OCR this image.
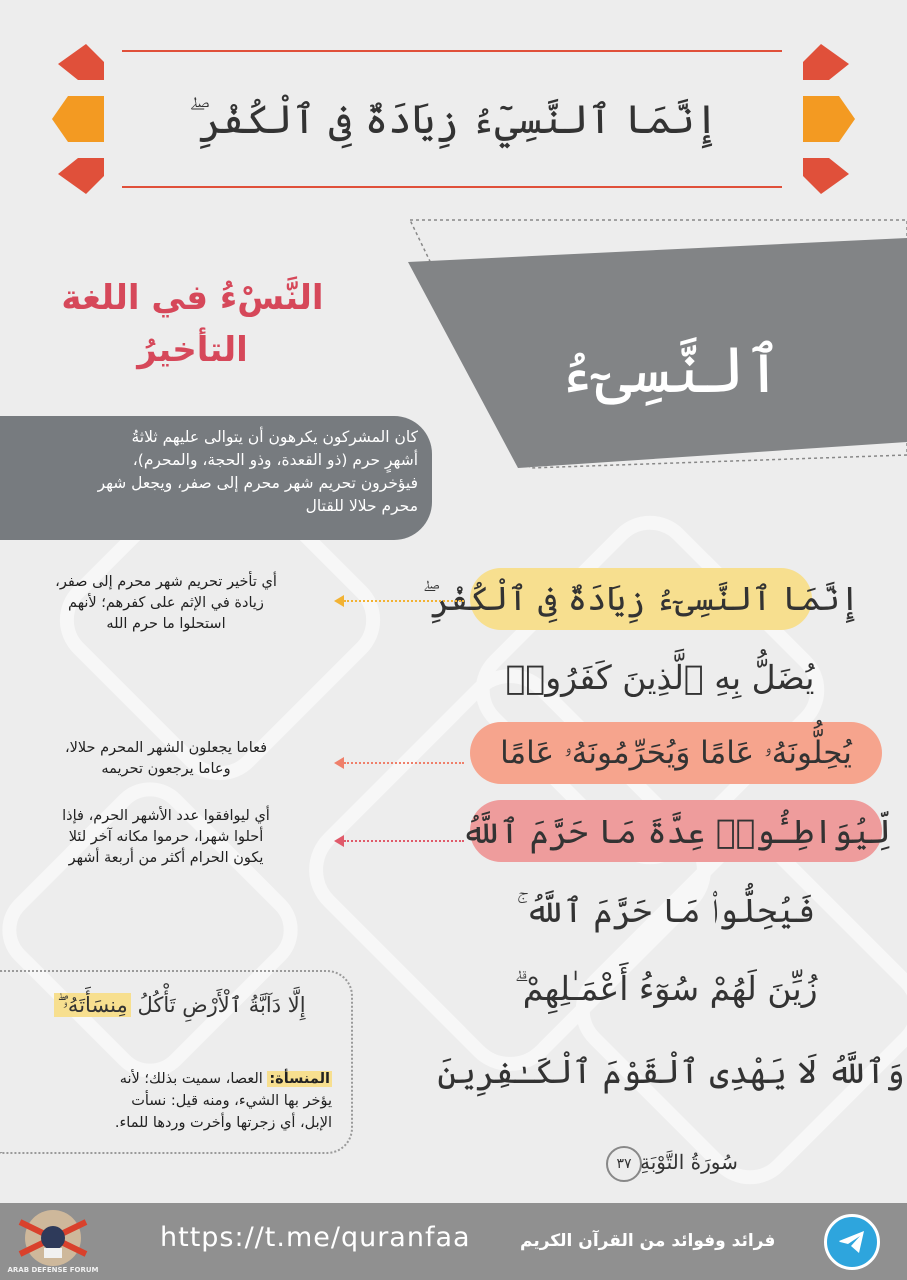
إِنَّمَا ٱلنَّسِيٓءُ زِيَادَةٌ فِى ٱلْكُفْرِ ۖ
ٱلنَّسِىٓءُ
النَّسْءُ في اللغة
التأخيرُ
كان المشركون يكرهون أن يتوالى عليهم ثلاثةُ
أشهرٍ حرم (ذو القعدة، وذو الحجة، والمحرم)،
فيؤخرون تحريم شهر محرم إلى صفر، ويجعل شهر
محرم حلالا للقتال
إِنَّمَا ٱلنَّسِىٓءُ زِيَادَةٌ فِى ٱلْكُفْرِ ۖ
يُضَلُّ بِهِ ٱلَّذِينَ كَفَرُوا۟
يُحِلُّونَهُۥ عَامًا وَيُحَرِّمُونَهُۥ عَامًا
لِّيُوَاطِـُٔوا۟ عِدَّةَ مَا حَرَّمَ ٱللَّهُ
فَيُحِلُّوا۟ مَا حَرَّمَ ٱللَّهُ ۚ
زُيِّنَ لَهُمْ سُوٓءُ أَعْمَـٰلِهِمْ ۗ
وَٱللَّهُ لَا يَهْدِى ٱلْقَوْمَ ٱلْكَـٰفِرِينَ
أي تأخير تحريم شهر محرم إلى صفر،
زيادة في الإثم على كفرهم؛ لأنهم
استحلوا ما حرم الله
فعاما يجعلون الشهر المحرم حلالا،
وعاما يرجعون تحريمه
أي ليوافقوا عدد الأشهر الحرم، فإذا
أحلوا شهرا، حرموا مكانه آخر لئلا
يكون الحرام أكثر من أربعة أشهر
إِلَّا دَآبَّةُ ٱلْأَرْضِ تَأْكُلُ مِنسَأَتَهُۥ ۖ
المنسأة: العصا، سميت بذلك؛ لأنه
يؤخر بها الشيء، ومنه قيل: نسأت
الإبل، أي زجرتها وأخرت وردها للماء.
سُورَةُ التَّوْبَةِ
٣٧
ARAB DEFENSE FORUM
https://t.me/quranfaa	فرائد وفوائد من القرآن الكريم
